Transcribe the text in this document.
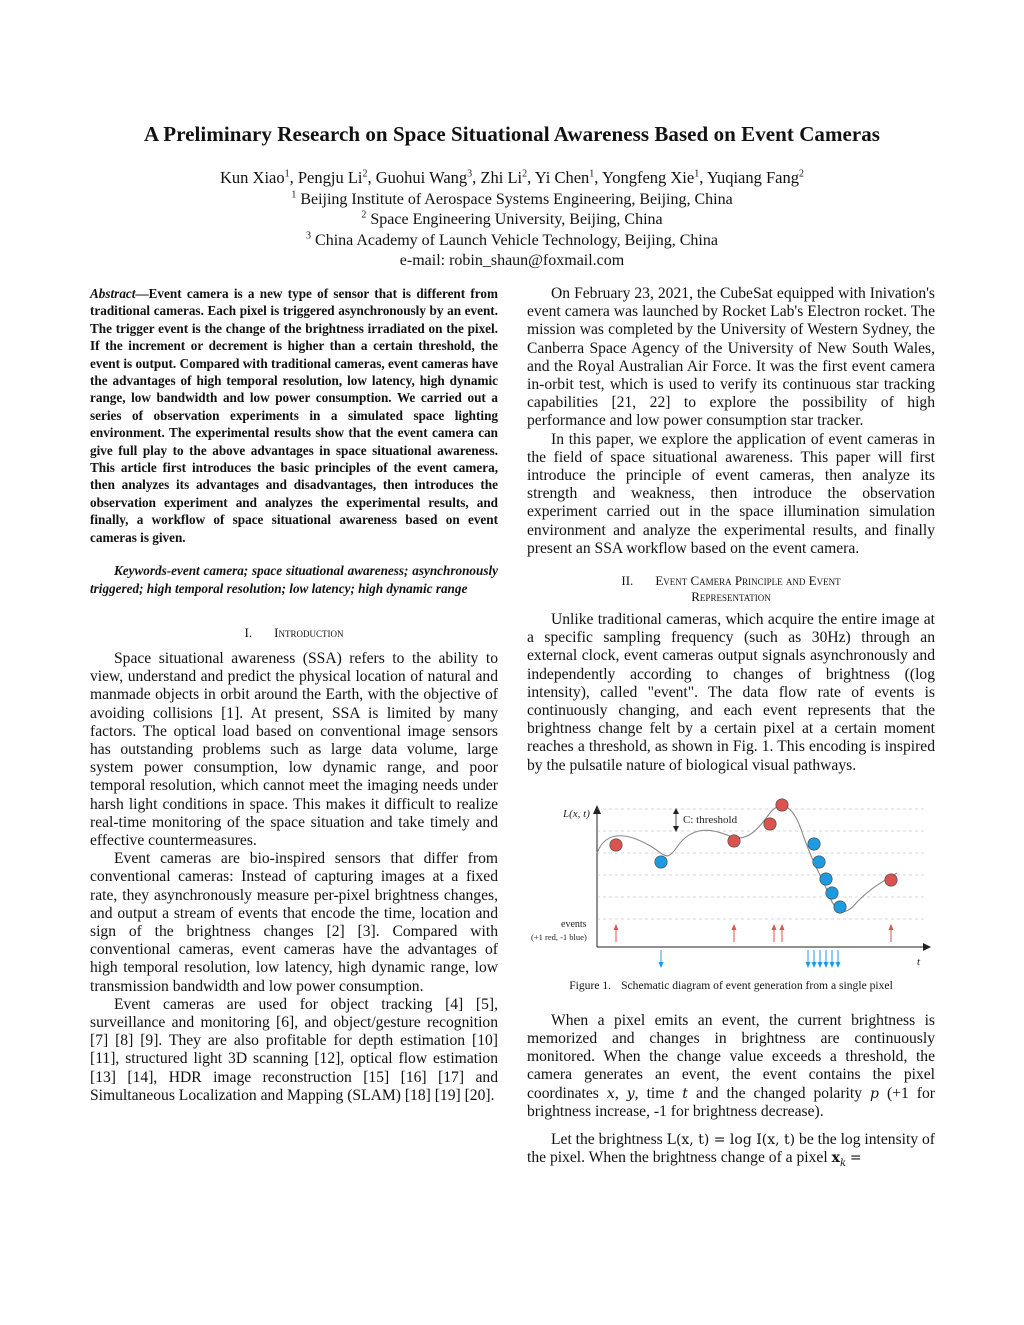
A Preliminary Research on Space Situational Awareness Based on Event Cameras
Kun Xiao$^1$, Pengju Li$^2$, Guohui Wang$^3$, Zhi Li$^2$, Yi Chen$^1$, Yongfeng Xie$^1$, Yuqiang Fang$^2$
$^1$ Beijing Institute of Aerospace Systems Engineering, Beijing, China
$^2$ Space Engineering University, Beijing, China
$^3$ China Academy of Launch Vehicle Technology, Beijing, China
e-mail: robin_shaun@foxmail.com

Abstract—Event camera is a new type of sensor that is different from traditional cameras. Each pixel is triggered asynchronously by an event. The trigger event is the change of the brightness irradiated on the pixel. If the increment or decrement is higher than a certain threshold, the event is output. Compared with traditional cameras, event cameras have the advantages of high temporal resolution, low latency, high dynamic range, low bandwidth and low power consumption. We carried out a series of observation experiments in a simulated space lighting environment. The experimental results show that the event camera can give full play to the above advantages in space situational awareness. This article first introduces the basic principles of the event camera, then analyzes its advantages and disadvantages, then introduces the observation experiment and analyzes the experimental results, and finally, a workflow of space situational awareness based on event cameras is given.

Keywords-event camera; space situational awareness; asynchronously triggered; high temporal resolution; low latency; high dynamic range

I. Introduction

Space situational awareness (SSA) refers to the ability to view, understand and predict the physical location of natural and manmade objects in orbit around the Earth, with the objective of avoiding collisions [1]. At present, SSA is limited by many factors. The optical load based on conventional image sensors has outstanding problems such as large data volume, large system power consumption, low dynamic range, and poor temporal resolution, which cannot meet the imaging needs under harsh light conditions in space. This makes it difficult to realize real-time monitoring of the space situation and take timely and effective countermeasures.

Event cameras are bio-inspired sensors that differ from conventional cameras: Instead of capturing images at a fixed rate, they asynchronously measure per-pixel brightness changes, and output a stream of events that encode the time, location and sign of the brightness changes [2] [3]. Compared with conventional cameras, event cameras have the advantages of high temporal resolution, low latency, high dynamic range, low transmission bandwidth and low power consumption.

Event cameras are used for object tracking [4] [5], surveillance and monitoring [6], and object/gesture recognition [7] [8] [9]. They are also profitable for depth estimation [10] [11], structured light 3D scanning [12], optical flow estimation [13] [14], HDR image reconstruction [15] [16] [17] and Simultaneous Localization and Mapping (SLAM) [18] [19] [20].

On February 23, 2021, the CubeSat equipped with Inivation's event camera was launched by Rocket Lab's Electron rocket. The mission was completed by the University of Western Sydney, the Canberra Space Agency of the University of New South Wales, and the Royal Australian Air Force. It was the first event camera in-orbit test, which is used to verify its continuous star tracking capabilities [21, 22] to explore the possibility of high performance and low power consumption star tracker.

In this paper, we explore the application of event cameras in the field of space situational awareness. This paper will first introduce the principle of event cameras, then analyze its strength and weakness, then introduce the observation experiment carried out in the space illumination simulation environment and analyze the experimental results, and finally present an SSA workflow based on the event camera.

II. Event Camera Principle and Event
Representation

Unlike traditional cameras, which acquire the entire image at a specific sampling frequency (such as 30Hz) through an external clock, event cameras output signals asynchronously and independently according to changes of brightness ((log intensity), called "event". The data flow rate of events is continuously changing, and each event represents that the brightness change felt by a certain pixel at a certain moment reaches a threshold, as shown in Fig. 1. This encoding is inspired by the pulsatile nature of biological visual pathways.

C: threshold
L(x, t)
events
(+1 red, -1 blue)
t
Figure 1. Schematic diagram of event generation from a single pixel

When a pixel emits an event, the current brightness is memorized and changes in brightness are continuously monitored. When the change value exceeds a threshold, the camera generates an event, the event contains the pixel coordinates x, y, time t and the changed polarity p (+1 for brightness increase, -1 for brightness decrease).

Let the brightness L(x, t) = log I(x, t) be the log intensity of the pixel. When the brightness change of a pixel $x_k$ =
